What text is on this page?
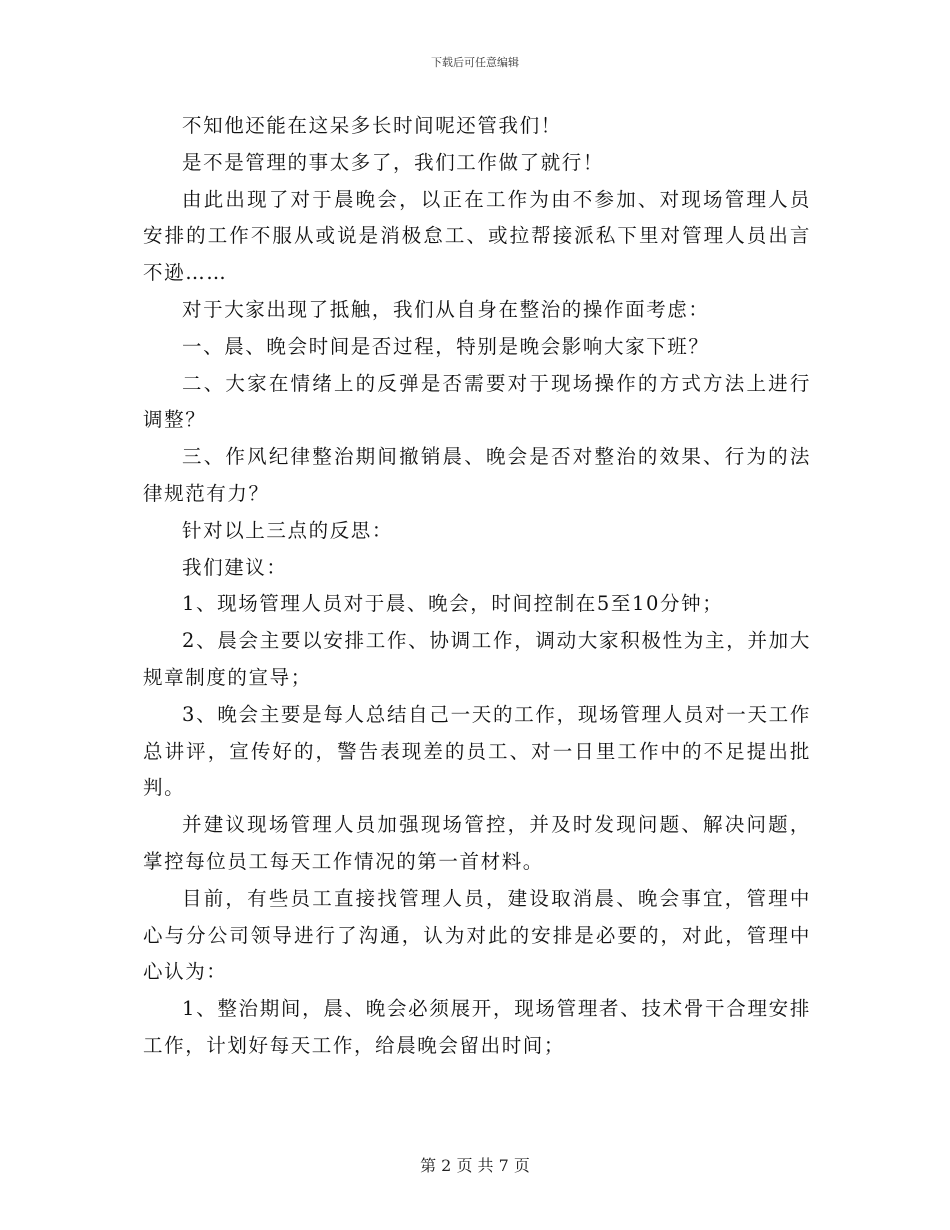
下载后可任意编辑

不知他还能在这呆多长时间呢还管我们！

是不是管理的事太多了，我们工作做了就行！

由此出现了对于晨晚会，以正在工作为由不参加、对现场管理人员安排的工作不服从或说是消极怠工、或拉帮接派私下里对管理人员出言不逊……

对于大家出现了抵触，我们从自身在整治的操作面考虑：

一、晨、晚会时间是否过程，特别是晚会影响大家下班？

二、大家在情绪上的反弹是否需要对于现场操作的方式方法上进行调整？

三、作风纪律整治期间撤销晨、晚会是否对整治的效果、行为的法律规范有力？

针对以上三点的反思：

我们建议：

1、现场管理人员对于晨、晚会，时间控制在5至10分钟；

2、晨会主要以安排工作、协调工作，调动大家积极性为主，并加大规章制度的宣导；

3、晚会主要是每人总结自己一天的工作，现场管理人员对一天工作总讲评，宣传好的，警告表现差的员工、对一日里工作中的不足提出批判。

并建议现场管理人员加强现场管控，并及时发现问题、解决问题，掌控每位员工每天工作情况的第一首材料。

目前，有些员工直接找管理人员，建设取消晨、晚会事宜，管理中心与分公司领导进行了沟通，认为对此的安排是必要的，对此，管理中心认为：

1、整治期间，晨、晚会必须展开，现场管理者、技术骨干合理安排工作，计划好每天工作，给晨晚会留出时间；

第 2 页 共 7 页
